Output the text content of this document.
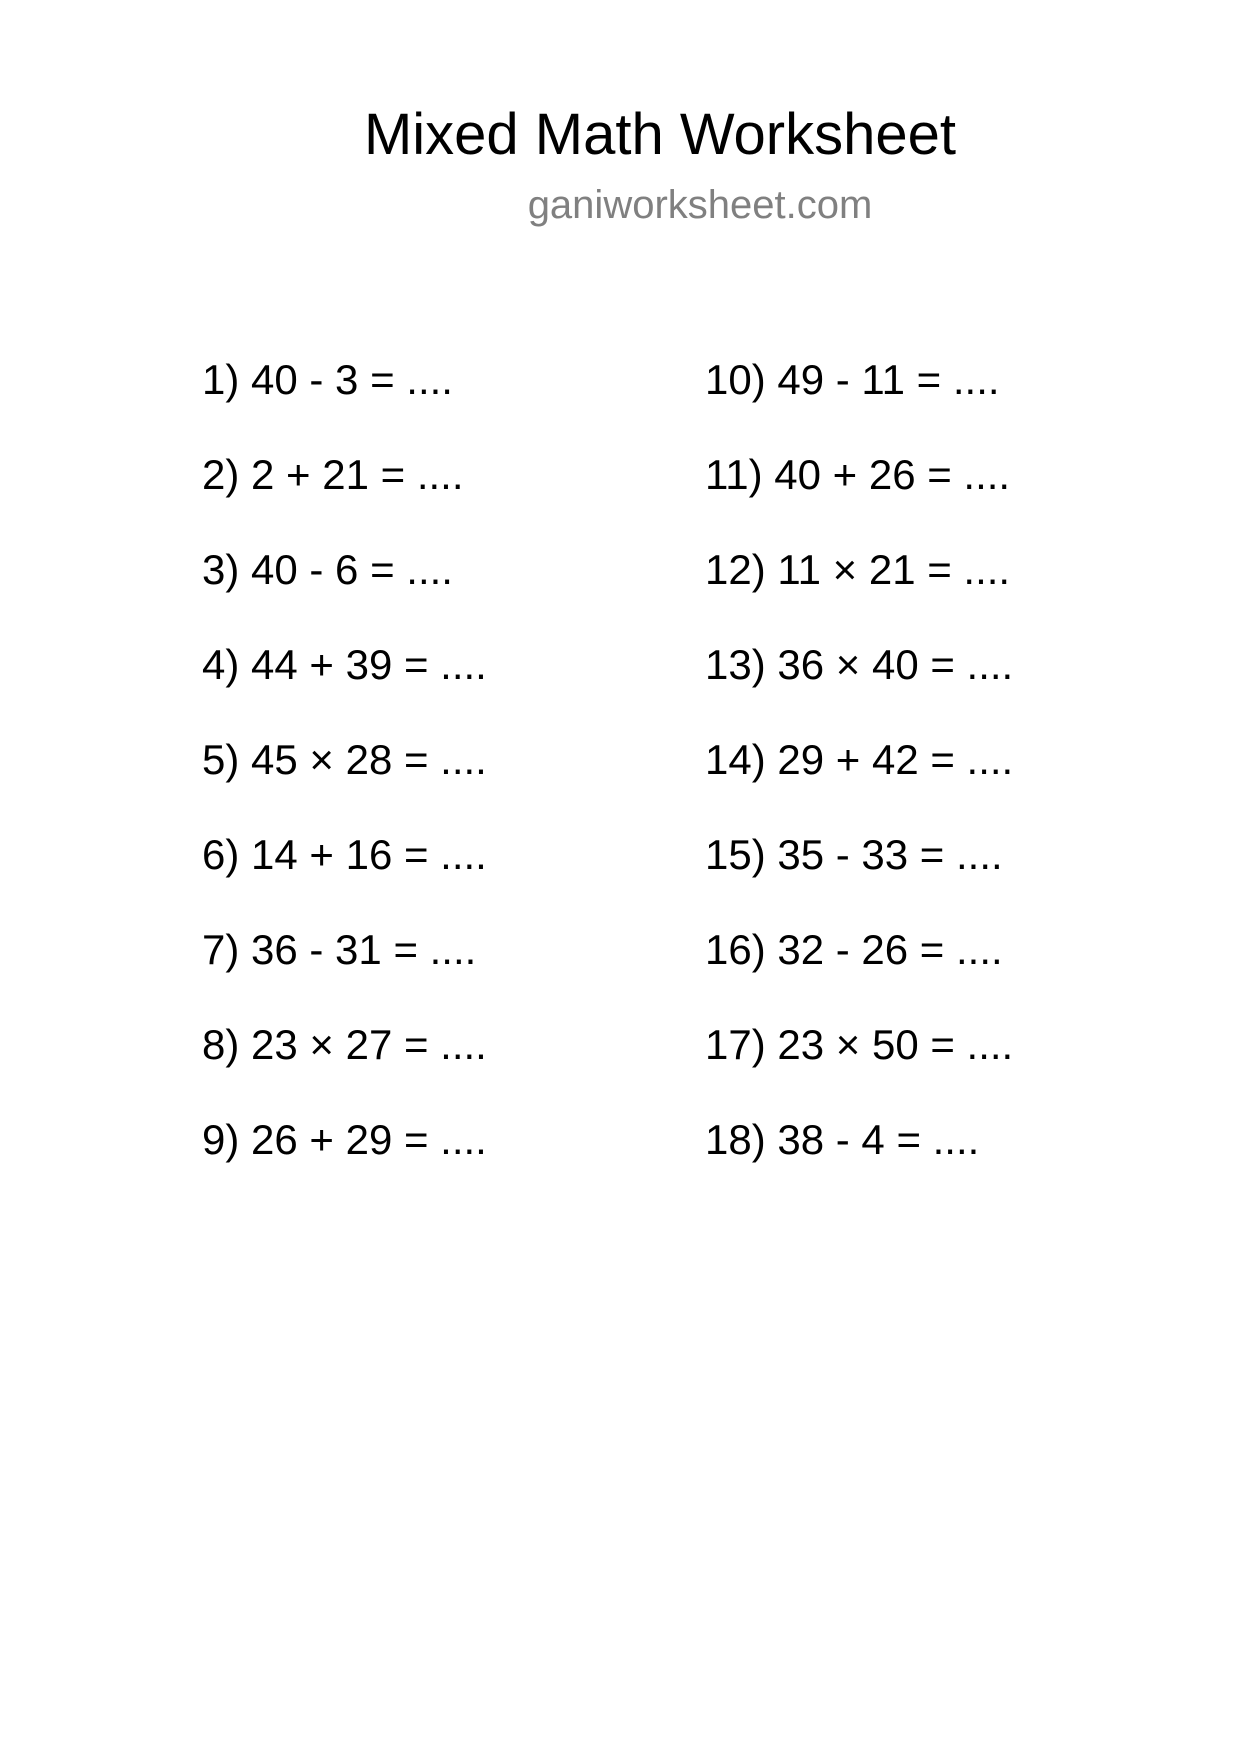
Mixed Math Worksheet
ganiworksheet.com
1) 40 - 3 = ....
2) 2 + 21 = ....
3) 40 - 6 = ....
4) 44 + 39 = ....
5) 45 × 28 = ....
6) 14 + 16 = ....
7) 36 - 31 = ....
8) 23 × 27 = ....
9) 26 + 29 = ....
10) 49 - 11 = ....
11) 40 + 26 = ....
12) 11 × 21 = ....
13) 36 × 40 = ....
14) 29 + 42 = ....
15) 35 - 33 = ....
16) 32 - 26 = ....
17) 23 × 50 = ....
18) 38 - 4 = ....
